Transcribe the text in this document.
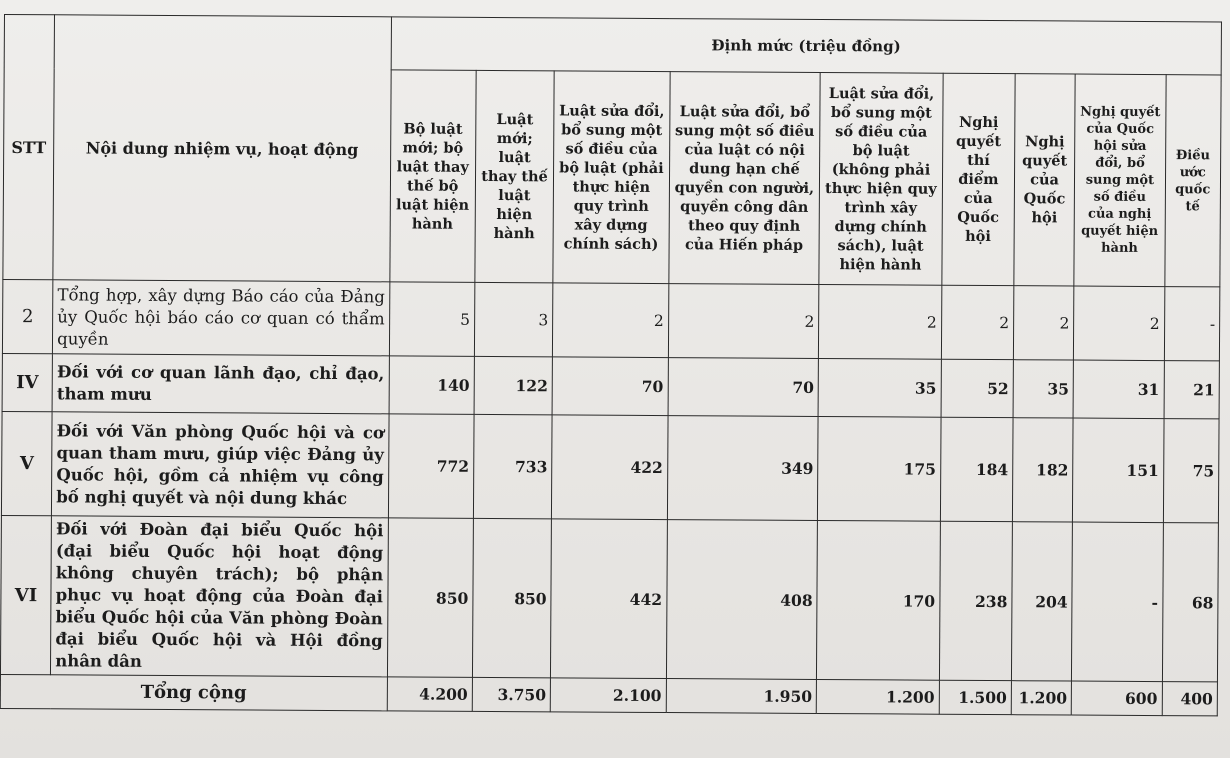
STT	Nội dung nhiệm vụ, hoạt động	Định mức (triệu đồng)								
		Bộ luật mới; bộ luật thay thế bộ luật hiện hành	Luật mới; luật thay thế luật hiện hành	Luật sửa đổi, bổ sung một số điều của bộ luật (phải thực hiện quy trình xây dựng chính sách)	Luật sửa đổi, bổ sung một số điều của luật có nội dung hạn chế quyền con người, quyền công dân theo quy định của Hiến pháp	Luật sửa đổi, bổ sung một số điều của bộ luật (không phải thực hiện quy trình xây dựng chính sách), luật hiện hành	Nghị quyết thí điểm của Quốc hội	Nghị quyết của Quốc hội	Nghị quyết của Quốc hội sửa đổi, bổ sung một số điều của nghị quyết hiện hành	Điều ước quốc tế
2	Tổng hợp, xây dựng Báo cáo của Đảng ủy Quốc hội báo cáo cơ quan có thẩm quyền	5	3	2	2	2	2	2	2	-
IV	Đối với cơ quan lãnh đạo, chỉ đạo, tham mưu	140	122	70	70	35	52	35	31	21
V	Đối với Văn phòng Quốc hội và cơ quan tham mưu, giúp việc Đảng ủy Quốc hội, gồm cả nhiệm vụ công bố nghị quyết và nội dung khác	772	733	422	349	175	184	182	151	75
VI	Đối với Đoàn đại biểu Quốc hội (đại biểu Quốc hội hoạt động không chuyên trách); bộ phận phục vụ hoạt động của Đoàn đại biểu Quốc hội của Văn phòng Đoàn đại biểu Quốc hội và Hội đồng nhân dân	850	850	442	408	170	238	204	-	68
Tổng cộng		4.200	3.750	2.100	1.950	1.200	1.500	1.200	600	400
